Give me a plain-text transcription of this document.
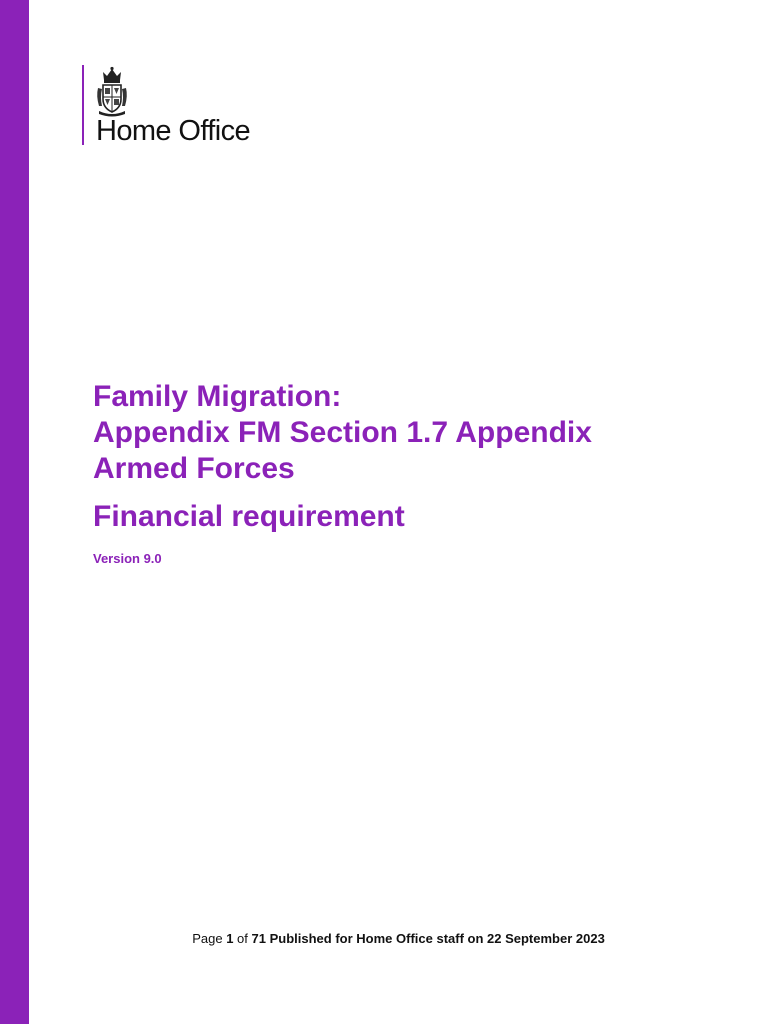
Home Office
Family Migration:
Appendix FM Section 1.7 Appendix
Armed Forces
Financial requirement
Version 9.0
Page 1 of 71 Published for Home Office staff on 22 September 2023
